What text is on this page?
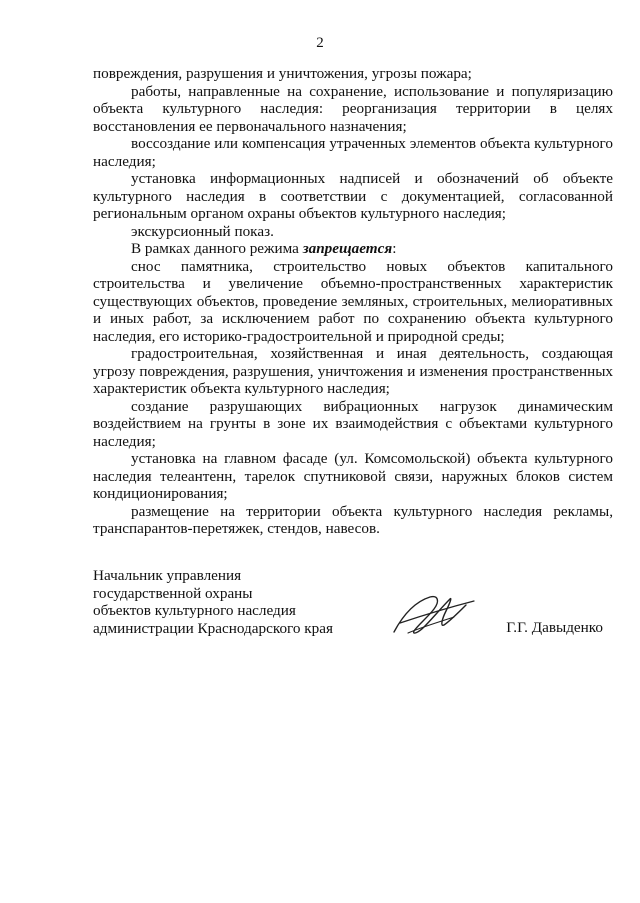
2

повреждения, разрушения и уничтожения, угрозы пожара;

работы, направленные на сохранение, использование и популяризацию объекта культурного наследия: реорганизация территории в целях восстановления ее первоначального назначения;

воссоздание или компенсация утраченных элементов объекта культурного наследия;

установка информационных надписей и обозначений об объекте культурного наследия в соответствии с документацией, согласованной региональным органом охраны объектов культурного наследия;

экскурсионный показ.

В рамках данного режима запрещается:

снос памятника, строительство новых объектов капитального строительства и увеличение объемно-пространственных характеристик существующих объектов, проведение земляных, строительных, мелиоративных и иных работ, за исключением работ по сохранению объекта культурного наследия, его историко-градостроительной и природной среды;

градостроительная, хозяйственная и иная деятельность, создающая угрозу повреждения, разрушения, уничтожения и изменения пространственных характеристик объекта культурного наследия;

создание разрушающих вибрационных нагрузок динамическим воздействием на грунты в зоне их взаимодействия с объектами культурного наследия;

установка на главном фасаде (ул. Комсомольской) объекта культурного наследия телеантенн, тарелок спутниковой связи, наружных блоков систем кондиционирования;

размещение на территории объекта культурного наследия рекламы, транспарантов-перетяжек, стендов, навесов.

Начальник управления
государственной охраны
объектов культурного наследия
администрации Краснодарского края	Г.Г. Давыденко
